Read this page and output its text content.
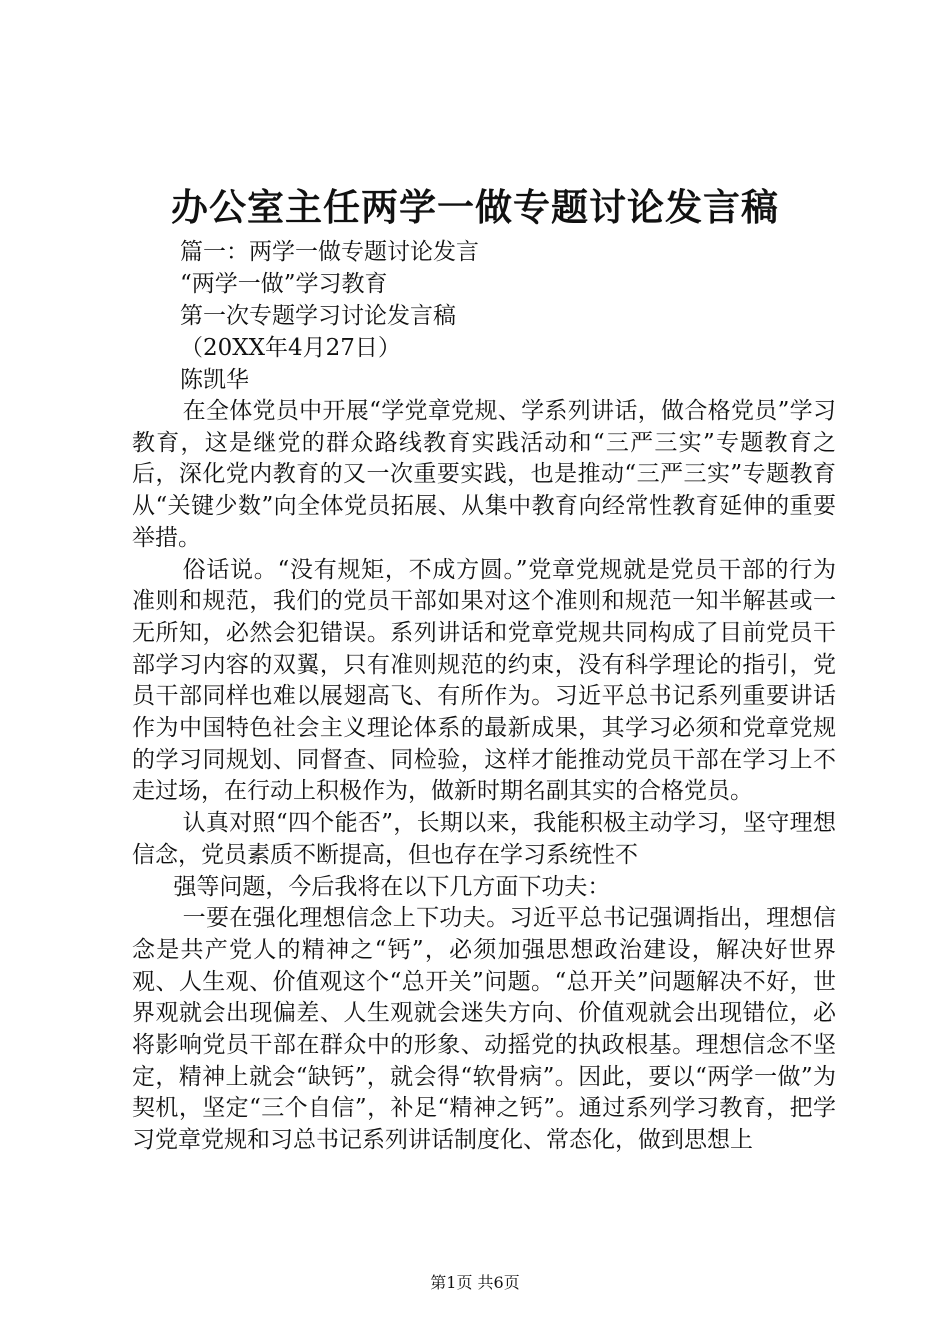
办公室主任两学一做专题讨论发言稿
篇一：两学一做专题讨论发言
“两学一做”学习教育
第一次专题学习讨论发言稿
（20XX年4月27日）
陈凯华

在全体党员中开展“学党章党规、学系列讲话，做合格党员”学习教育，这是继党的群众路线教育实践活动和“三严三实”专题教育之后，深化党内教育的又一次重要实践，也是推动“三严三实”专题教育从“关键少数”向全体党员拓展、从集中教育向经常性教育延伸的重要举措。

俗话说。“没有规矩，不成方圆。”党章党规就是党员干部的行为准则和规范，我们的党员干部如果对这个准则和规范一知半解甚或一无所知，必然会犯错误。系列讲话和党章党规共同构成了目前党员干部学习内容的双翼，只有准则规范的约束，没有科学理论的指引，党员干部同样也难以展翅高飞、有所作为。习近平总书记系列重要讲话作为中国特色社会主义理论体系的最新成果，其学习必须和党章党规的学习同规划、同督查、同检验，这样才能推动党员干部在学习上不走过场，在行动上积极作为，做新时期名副其实的合格党员。

认真对照“四个能否”，长期以来，我能积极主动学习，坚守理想信念，党员素质不断提高，但也存在学习系统性不

强等问题，今后我将在以下几方面下功夫：

一要在强化理想信念上下功夫。习近平总书记强调指出，理想信念是共产党人的精神之“钙”，必须加强思想政治建设，解决好世界观、人生观、价值观这个“总开关”问题。“总开关”问题解决不好，世界观就会出现偏差、人生观就会迷失方向、价值观就会出现错位，必将影响党员干部在群众中的形象、动摇党的执政根基。理想信念不坚定，精神上就会“缺钙”，就会得“软骨病”。因此，要以“两学一做”为契机，坚定“三个自信”，补足“精神之钙”。通过系列学习教育，把学习党章党规和习总书记系列讲话制度化、常态化，做到思想上

第1页 共6页
